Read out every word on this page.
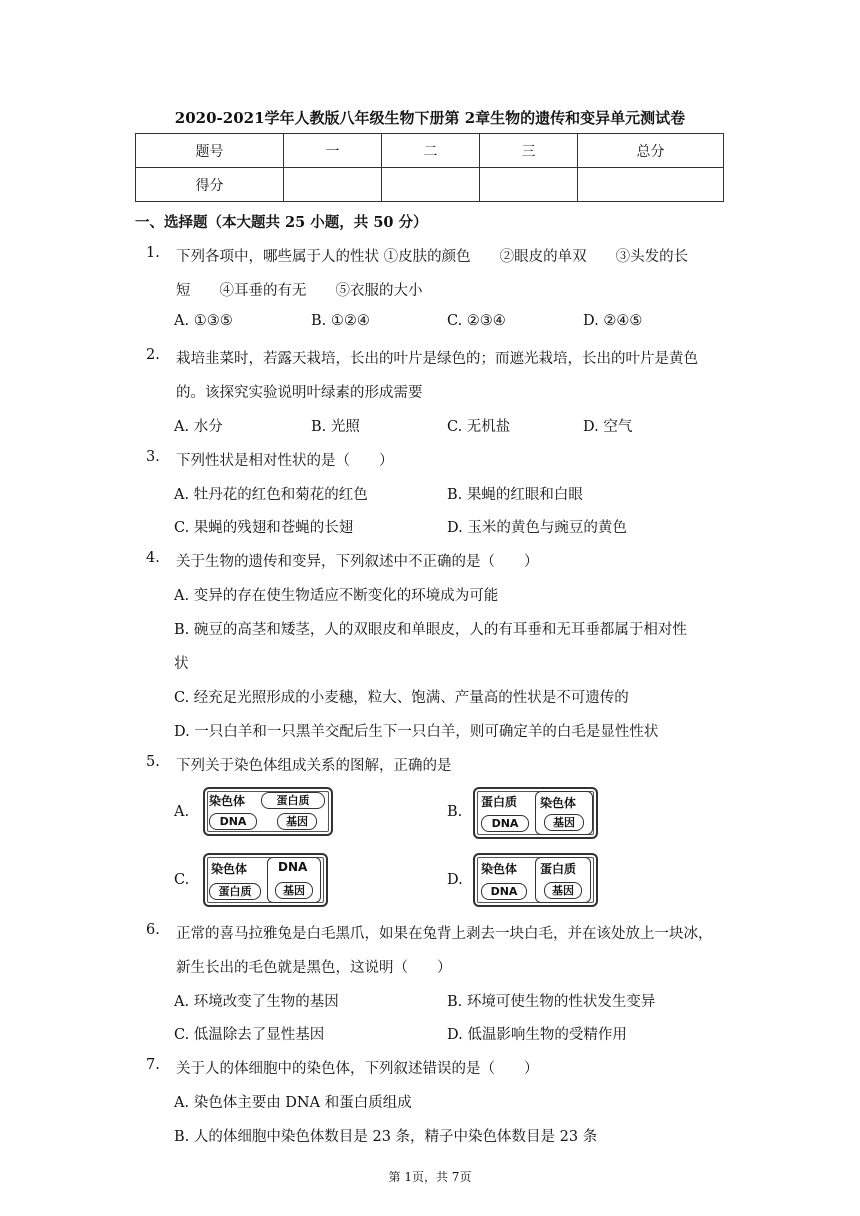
2020-2021学年人教版八年级生物下册第 2章生物的遗传和变异单元测试卷
题号	一	二	三	总分
得分				
一、选择题（本大题共 25 小题，共 50 分）
1. 下列各项中，哪些属于人的性状 ①皮肤的颜色　　②眼皮的单双　　③头发的长
短　　④耳垂的有无　　⑤衣服的大小
A. ①③⑤	B. ①②④	C. ②③④	D. ②④⑤
2. 栽培韭菜时，若露天栽培，长出的叶片是绿色的；而遮光栽培，长出的叶片是黄色
的。该探究实验说明叶绿素的形成需要
A. 水分	B. 光照	C. 无机盐	D. 空气
3. 下列性状是相对性状的是（　　）
A. 牡丹花的红色和菊花的红色	B. 果蝇的红眼和白眼
C. 果蝇的残翅和苍蝇的长翅	D. 玉米的黄色与豌豆的黄色
4. 关于生物的遗传和变异，下列叙述中不正确的是（　　）
A. 变异的存在使生物适应不断变化的环境成为可能
B. 碗豆的高茎和矮茎，人的双眼皮和单眼皮，人的有耳垂和无耳垂都属于相对性
状
C. 经充足光照形成的小麦穗，粒大、饱满、产量高的性状是不可遗传的
D. 一只白羊和一只黑羊交配后生下一只白羊，则可确定羊的白毛是显性性状
5. 下列关于染色体组成关系的图解，正确的是
A.
染色体	蛋白质
DNA	基因
B.
蛋白质
DNA
染色体
基因
C.
染色体
蛋白质
DNA
基因
D.
染色体
DNA
蛋白质
基因
6. 正常的喜马拉雅兔是白毛黑爪，如果在兔背上剥去一块白毛，并在该处放上一块冰，
新生长出的毛色就是黑色，这说明（　　）
A. 环境改变了生物的基因	B. 环境可使生物的性状发生变异
C. 低温除去了显性基因	D. 低温影响生物的受精作用
7. 关于人的体细胞中的染色体，下列叙述错误的是（　　）
A. 染色体主要由 DNA 和蛋白质组成
B. 人的体细胞中染色体数目是 23 条，精子中染色体数目是 23 条
第 1页，共 7页
